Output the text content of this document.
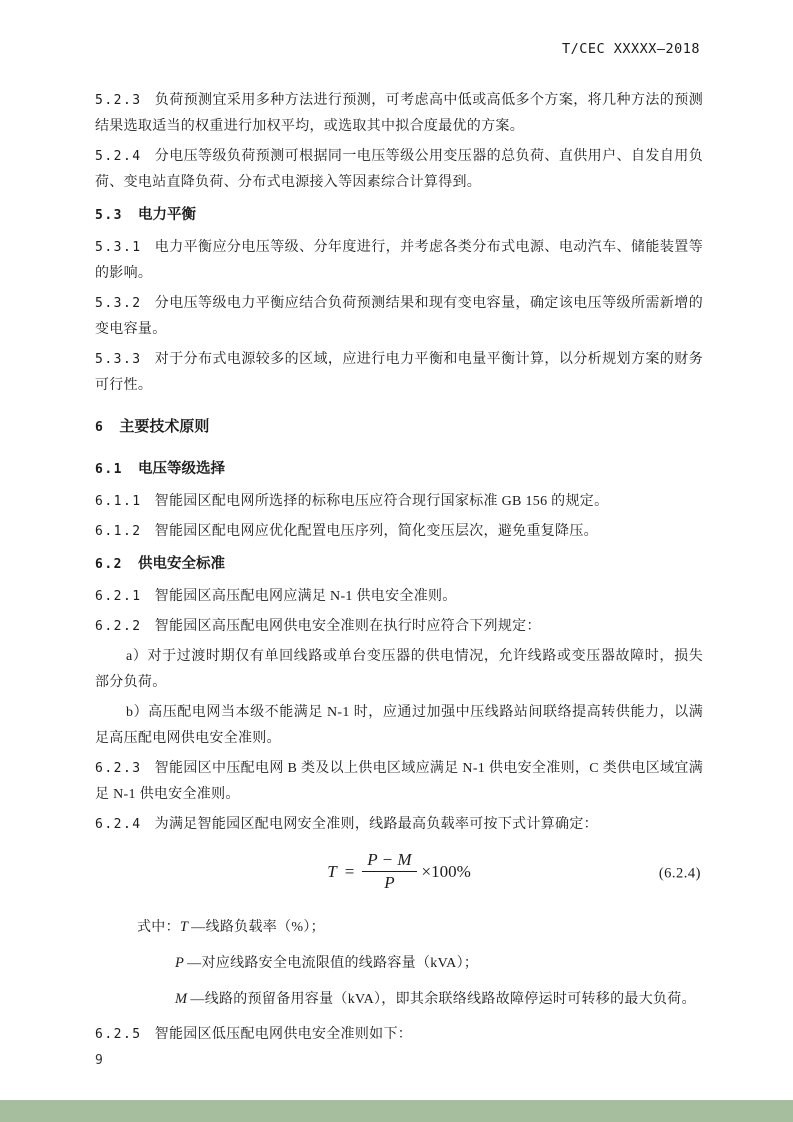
T/CEC XXXXX—2018
5.2.3 负荷预测宜采用多种方法进行预测，可考虑高中低或高低多个方案，将几种方法的预测结果选取适当的权重进行加权平均，或选取其中拟合度最优的方案。
5.2.4 分电压等级负荷预测可根据同一电压等级公用变压器的总负荷、直供用户、自发自用负荷、变电站直降负荷、分布式电源接入等因素综合计算得到。
5.3 电力平衡
5.3.1 电力平衡应分电压等级、分年度进行，并考虑各类分布式电源、电动汽车、储能装置等的影响。
5.3.2 分电压等级电力平衡应结合负荷预测结果和现有变电容量，确定该电压等级所需新增的变电容量。
5.3.3 对于分布式电源较多的区域，应进行电力平衡和电量平衡计算，以分析规划方案的财务可行性。
6 主要技术原则
6.1 电压等级选择
6.1.1 智能园区配电网所选择的标称电压应符合现行国家标准 GB 156 的规定。
6.1.2 智能园区配电网应优化配置电压序列，简化变压层次，避免重复降压。
6.2 供电安全标准
6.2.1 智能园区高压配电网应满足 N-1 供电安全准则。
6.2.2 智能园区高压配电网供电安全准则在执行时应符合下列规定：
a）对于过渡时期仅有单回线路或单台变压器的供电情况，允许线路或变压器故障时，损失部分负荷。
b）高压配电网当本级不能满足 N-1 时，应通过加强中压线路站间联络提高转供能力，以满足高压配电网供电安全准则。
6.2.3 智能园区中压配电网 B 类及以上供电区域应满足 N-1 供电安全准则，C 类供电区域宜满足 N-1 供电安全准则。
6.2.4 为满足智能园区配电网安全准则，线路最高负载率可按下式计算确定：
$T = \frac{P - M}{P} \times 100\%$	(6.2.4)
式中：T —线路负载率（%）；
P —对应线路安全电流限值的线路容量（kVA）；
M —线路的预留备用容量（kVA），即其余联络线路故障停运时可转移的最大负荷。
6.2.5 智能园区低压配电网供电安全准则如下：
9
